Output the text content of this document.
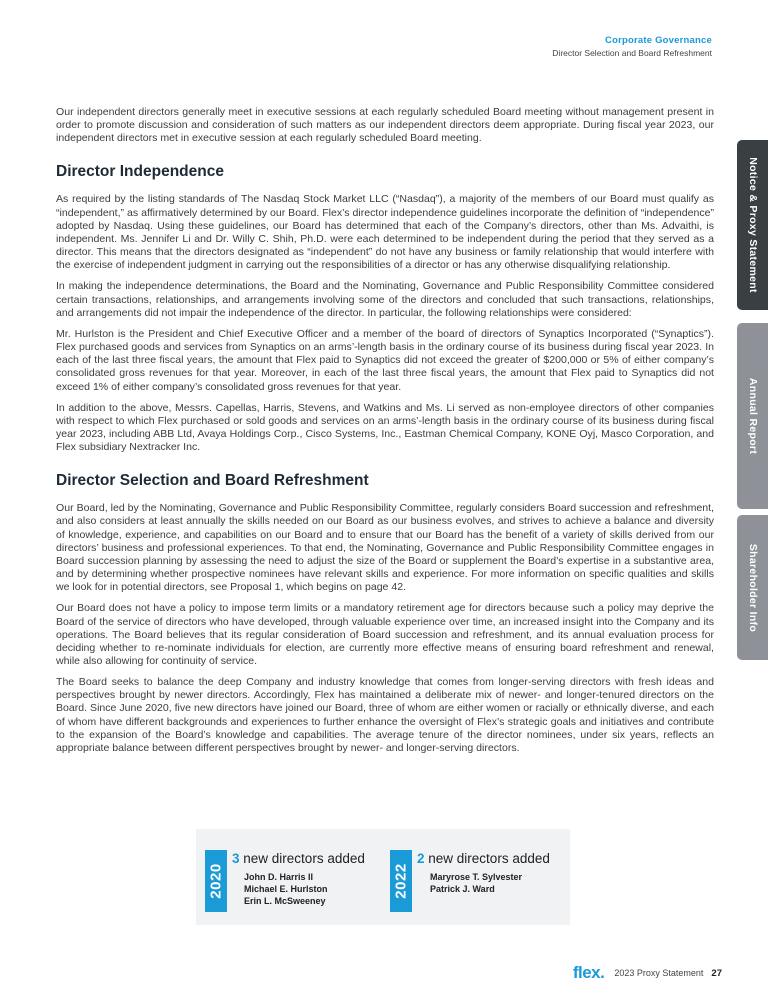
Corporate Governance
Director Selection and Board Refreshment
Notice & Proxy Statement
Annual Report
Shareholder Info

Our independent directors generally meet in executive sessions at each regularly scheduled Board meeting without management present in order to promote discussion and consideration of such matters as our independent directors deem appropriate. During fiscal year 2023, our independent directors met in executive session at each regularly scheduled Board meeting.

Director Independence

As required by the listing standards of The Nasdaq Stock Market LLC (“Nasdaq”), a majority of the members of our Board must qualify as “independent,” as affirmatively determined by our Board. Flex’s director independence guidelines incorporate the definition of “independence” adopted by Nasdaq. Using these guidelines, our Board has determined that each of the Company’s directors, other than Ms. Advaithi, is independent. Ms. Jennifer Li and Dr. Willy C. Shih, Ph.D. were each determined to be independent during the period that they served as a director. This means that the directors designated as “independent” do not have any business or family relationship that would interfere with the exercise of independent judgment in carrying out the responsibilities of a director or has any otherwise disqualifying relationship.

In making the independence determinations, the Board and the Nominating, Governance and Public Responsibility Committee considered certain transactions, relationships, and arrangements involving some of the directors and concluded that such transactions, relationships, and arrangements did not impair the independence of the director. In particular, the following relationships were considered:

Mr. Hurlston is the President and Chief Executive Officer and a member of the board of directors of Synaptics Incorporated (“Synaptics”). Flex purchased goods and services from Synaptics on an arms’-length basis in the ordinary course of its business during fiscal year 2023. In each of the last three fiscal years, the amount that Flex paid to Synaptics did not exceed the greater of $200,000 or 5% of either company’s consolidated gross revenues for that year. Moreover, in each of the last three fiscal years, the amount that Flex paid to Synaptics did not exceed 1% of either company’s consolidated gross revenues for that year.

In addition to the above, Messrs. Capellas, Harris, Stevens, and Watkins and Ms. Li served as non-employee directors of other companies with respect to which Flex purchased or sold goods and services on an arms’-length basis in the ordinary course of its business during fiscal year 2023, including ABB Ltd, Avaya Holdings Corp., Cisco Systems, Inc., Eastman Chemical Company, KONE Oyj, Masco Corporation, and Flex subsidiary Nextracker Inc.

Director Selection and Board Refreshment

Our Board, led by the Nominating, Governance and Public Responsibility Committee, regularly considers Board succession and refreshment, and also considers at least annually the skills needed on our Board as our business evolves, and strives to achieve a balance and diversity of knowledge, experience, and capabilities on our Board and to ensure that our Board has the benefit of a variety of skills derived from our directors’ business and professional experiences. To that end, the Nominating, Governance and Public Responsibility Committee engages in Board succession planning by assessing the need to adjust the size of the Board or supplement the Board’s expertise in a substantive area, and by determining whether prospective nominees have relevant skills and experience. For more information on specific qualities and skills we look for in potential directors, see Proposal 1, which begins on page 42.

Our Board does not have a policy to impose term limits or a mandatory retirement age for directors because such a policy may deprive the Board of the service of directors who have developed, through valuable experience over time, an increased insight into the Company and its operations. The Board believes that its regular consideration of Board succession and refreshment, and its annual evaluation process for deciding whether to re-nominate individuals for election, are currently more effective means of ensuring board refreshment and renewal, while also allowing for continuity of service.

The Board seeks to balance the deep Company and industry knowledge that comes from longer-serving directors with fresh ideas and perspectives brought by newer directors. Accordingly, Flex has maintained a deliberate mix of newer- and longer-tenured directors on the Board. Since June 2020, five new directors have joined our Board, three of whom are either women or racially or ethnically diverse, and each of whom have different backgrounds and experiences to further enhance the oversight of Flex’s strategic goals and initiatives and contribute to the expansion of the Board’s knowledge and capabilities. The average tenure of the director nominees, under six years, reflects an appropriate balance between different perspectives brought by newer- and longer-serving directors.

2020
3 new directors added
John D. Harris II
Michael E. Hurlston
Erin L. McSweeney
2022
2 new directors added
Maryrose T. Sylvester
Patrick J. Ward
flex. 2023 Proxy Statement 27
